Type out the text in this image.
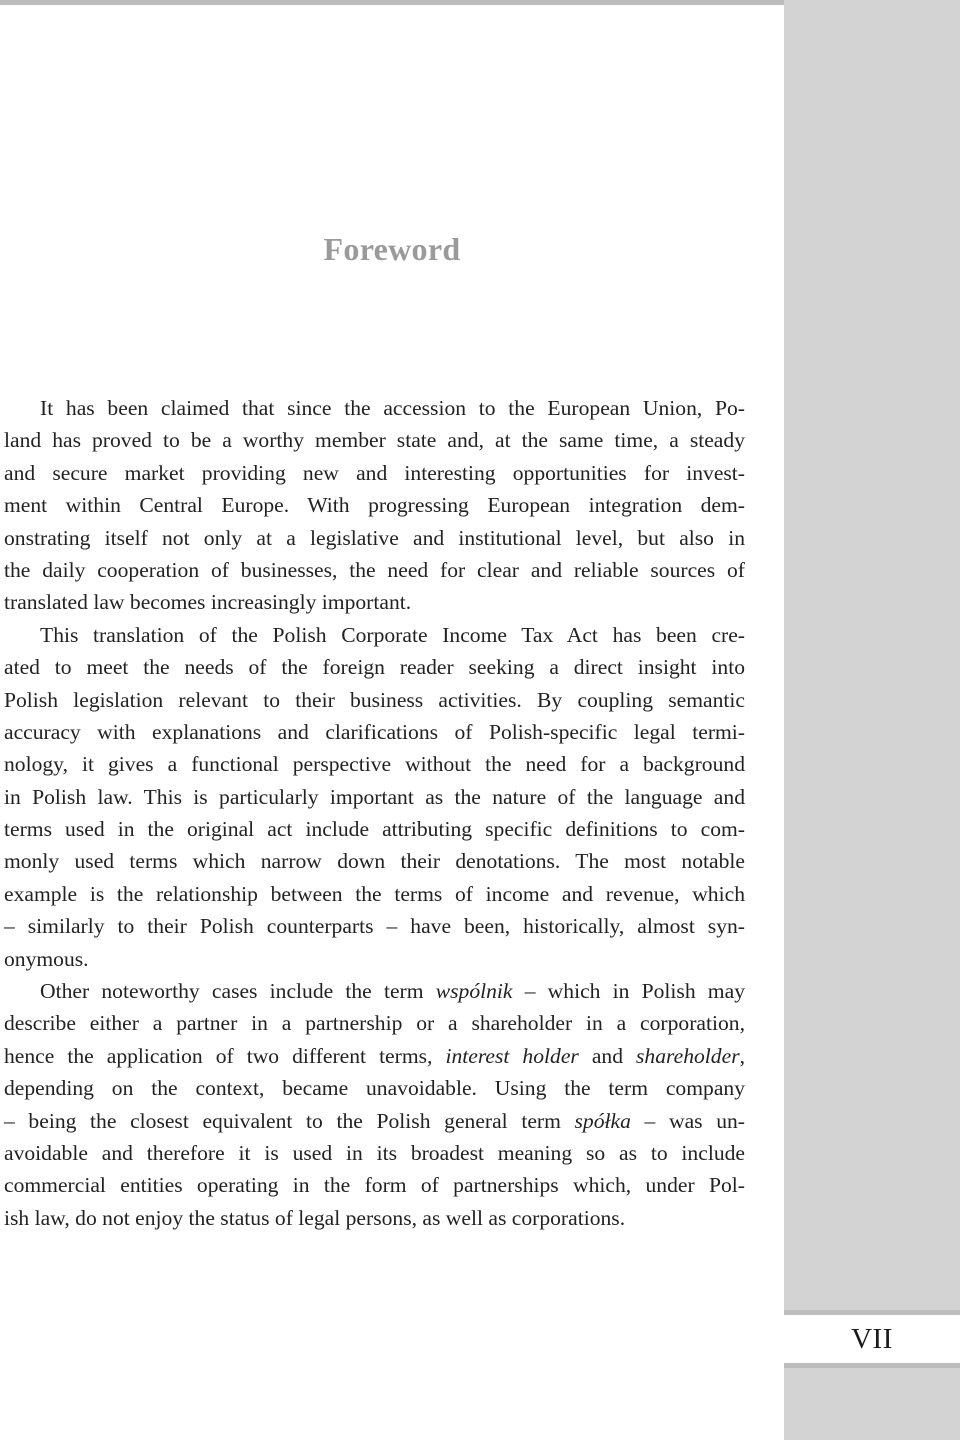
Foreword
It has been claimed that since the accession to the European Union, Po-
land has proved to be a worthy member state and, at the same time, a steady
and secure market providing new and interesting opportunities for invest-
ment within Central Europe. With progressing European integration dem-
onstrating itself not only at a legislative and institutional level, but also in
the daily cooperation of businesses, the need for clear and reliable sources of
translated law becomes increasingly important.
This translation of the Polish Corporate Income Tax Act has been cre-
ated to meet the needs of the foreign reader seeking a direct insight into
Polish legislation relevant to their business activities. By coupling semantic
accuracy with explanations and clarifications of Polish-specific legal termi-
nology, it gives a functional perspective without the need for a background
in Polish law. This is particularly important as the nature of the language and
terms used in the original act include attributing specific definitions to com-
monly used terms which narrow down their denotations. The most notable
example is the relationship between the terms of income and revenue, which
– similarly to their Polish counterparts – have been, historically, almost syn-
onymous.
Other noteworthy cases include the term wspólnik – which in Polish may
describe either a partner in a partnership or a shareholder in a corporation,
hence the application of two different terms, interest holder and shareholder,
depending on the context, became unavoidable. Using the term company
– being the closest equivalent to the Polish general term spółka – was un-
avoidable and therefore it is used in its broadest meaning so as to include
commercial entities operating in the form of partnerships which, under Pol-
ish law, do not enjoy the status of legal persons, as well as corporations.
VII
